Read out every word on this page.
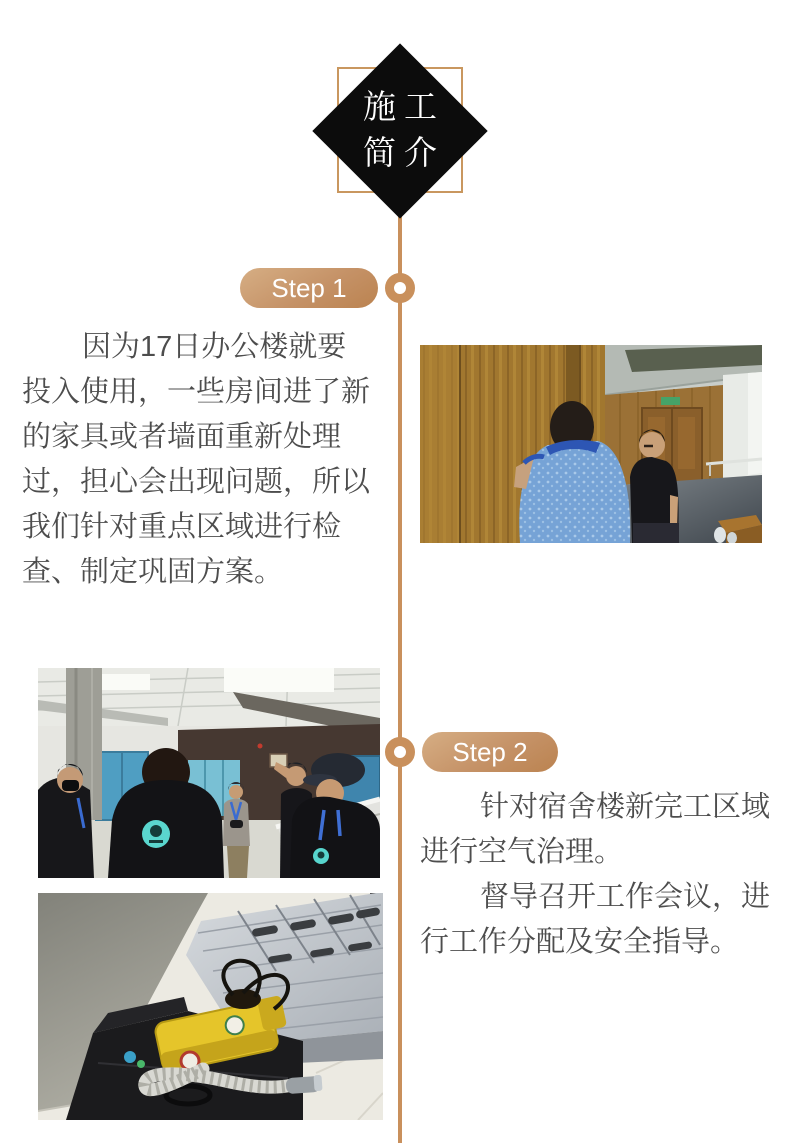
施工
简介
Step 1
因为17日办公楼就要
投入使用，一些房间进了新
的家具或者墙面重新处理
过，担心会出现问题，所以
我们针对重点区域进行检
查、制定巩固方案。
Step 2
针对宿舍楼新完工区域
进行空气治理。
督导召开工作会议，进
行工作分配及安全指导。
